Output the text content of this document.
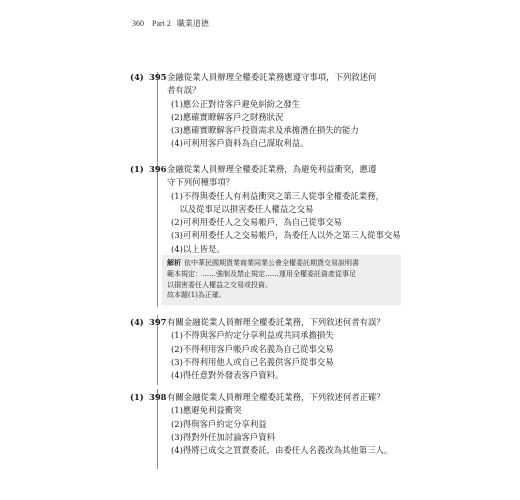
360 Part 2 職業道德
(4) 395 金融從業人員辦理全權委託業務應遵守事項，下列敘述何
者有誤？
(1)應公正對待客戶避免糾紛之發生
(2)應確實瞭解客戶之財務狀況
(3)應確實瞭解客戶投資需求及承擔潛在損失的能力
(4)可利用客戶資料為自己謀取利益。
(1) 396 金融從業人員辦理全權委託業務，為避免利益衝突，應遵
守下列何種事項？
(1)不得與委任人有利益衝突之第三人從事全權委託業務，
　以及從事足以損害委任人權益之交易
(2)可利用委任人之交易帳戶，為自己從事交易
(3)可利用委任人之交易帳戶，為委任人以外之第三人從事交易
(4)以上皆是。
解析 依中華民國期貨業商業同業公會全權委託期貨交易說明書
範本規定：……強制及禁止規定……運用全權委託資產從事足
以損害委任人權益之交易或投資。
故本題(1)為正確。
(4) 397 有關金融從業人員辦理全權委託業務，下列敘述何者有誤？
(1)不得與客戶約定分享利益或共同承擔損失
(2)不得利用客戶帳戶或名義為自己從事交易
(3)不得利用他人或自己名義供客戶從事交易
(4)得任意對外發表客戶資料。
(1) 398 有關金融從業人員辦理全權委託業務，下列敘述何者正確？
(1)應避免利益衝突
(2)得與客戶約定分享利益
(3)得對外任加討論客戶資料
(4)得將已成交之買賣委託，由委任人名義改為其他第三人。
